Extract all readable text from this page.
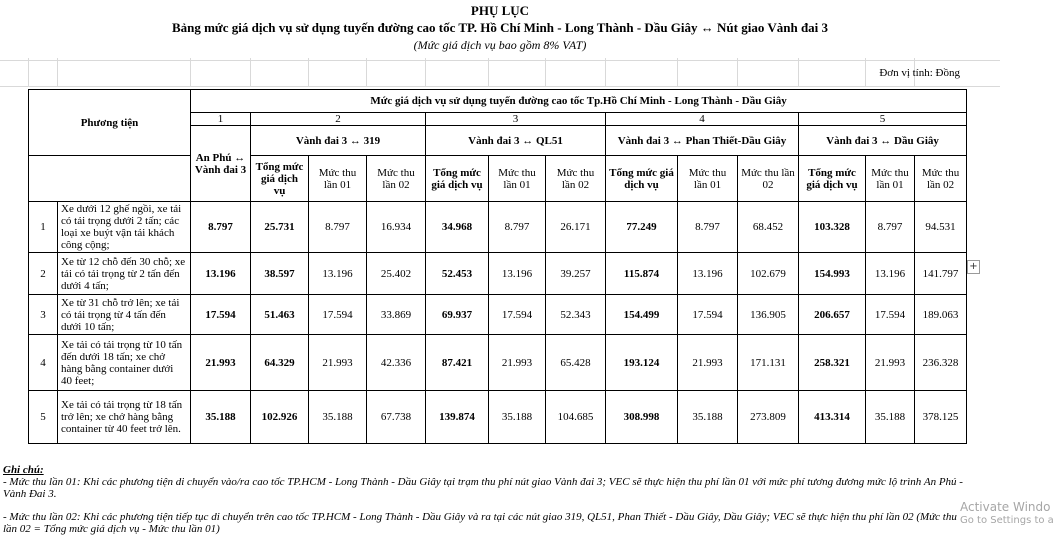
PHỤ LỤC
Bảng mức giá dịch vụ sử dụng tuyến đường cao tốc TP. Hồ Chí Minh - Long Thành - Dầu Giây ↔ Nút giao Vành đai 3
(Mức giá dịch vụ bao gồm 8% VAT)
Đơn vị tính: Đồng
Phương tiện		Mức giá dịch vụ sử dụng tuyến đường cao tốc Tp.Hồ Chí Minh - Long Thành - Dầu Giây												
		1	2			3			4			5		
		An Phú ↔ Vành đai 3	Vành đai 3 ↔ 319			Vành đai 3 ↔ QL51			Vành đai 3 ↔ Phan Thiết-Dầu Giây			Vành đai 3 ↔ Dầu Giây		
			Tổng mức giá dịch vụ	Mức thu lần 01	Mức thu lần 02	Tổng mức giá dịch vụ	Mức thu lần 01	Mức thu lần 02	Tổng mức giá dịch vụ	Mức thu lần 01	Mức thu lần 02	Tổng mức giá dịch vụ	Mức thu lần 01	Mức thu lần 02
1	Xe dưới 12 ghế ngồi, xe tải có tải trọng dưới 2 tấn; các loại xe buýt vận tải khách công cộng;	8.797	25.731	8.797	16.934	34.968	8.797	26.171	77.249	8.797	68.452	103.328	8.797	94.531
2	Xe từ 12 chỗ đến 30 chỗ; xe tải có tải trọng từ 2 tấn đến dưới 4 tấn;	13.196	38.597	13.196	25.402	52.453	13.196	39.257	115.874	13.196	102.679	154.993	13.196	141.797
3	Xe từ 31 chỗ trở lên; xe tải có tải trọng từ 4 tấn đến dưới 10 tấn;	17.594	51.463	17.594	33.869	69.937	17.594	52.343	154.499	17.594	136.905	206.657	17.594	189.063
4	Xe tải có tải trọng từ 10 tấn đến dưới 18 tấn; xe chở hàng bằng container dưới 40 feet;	21.993	64.329	21.993	42.336	87.421	21.993	65.428	193.124	21.993	171.131	258.321	21.993	236.328
5	Xe tải có tải trọng từ 18 tấn trở lên; xe chở hàng bằng container từ 40 feet trở lên.	35.188	102.926	35.188	67.738	139.874	35.188	104.685	308.998	35.188	273.809	413.314	35.188	378.125
Ghi chú:
- Mức thu lần 01: Khi các phương tiện di chuyển vào/ra cao tốc TP.HCM - Long Thành - Dầu Giây tại trạm thu phí nút giao Vành đai 3; VEC sẽ thực hiện thu phí lần 01 với mức phí tương đương mức lộ trình An Phú - Vành Đai 3.
- Mức thu lần 02: Khi các phương tiện tiếp tục di chuyển trên cao tốc TP.HCM - Long Thành - Dầu Giây và ra tại các nút giao 319, QL51, Phan Thiết - Dầu Giây, Dầu Giây; VEC sẽ thực hiện thu phí lần 02 (Mức thu lần 02 = Tổng mức giá dịch vụ - Mức thu lần 01)
+
Activate Windo
Go to Settings to a
